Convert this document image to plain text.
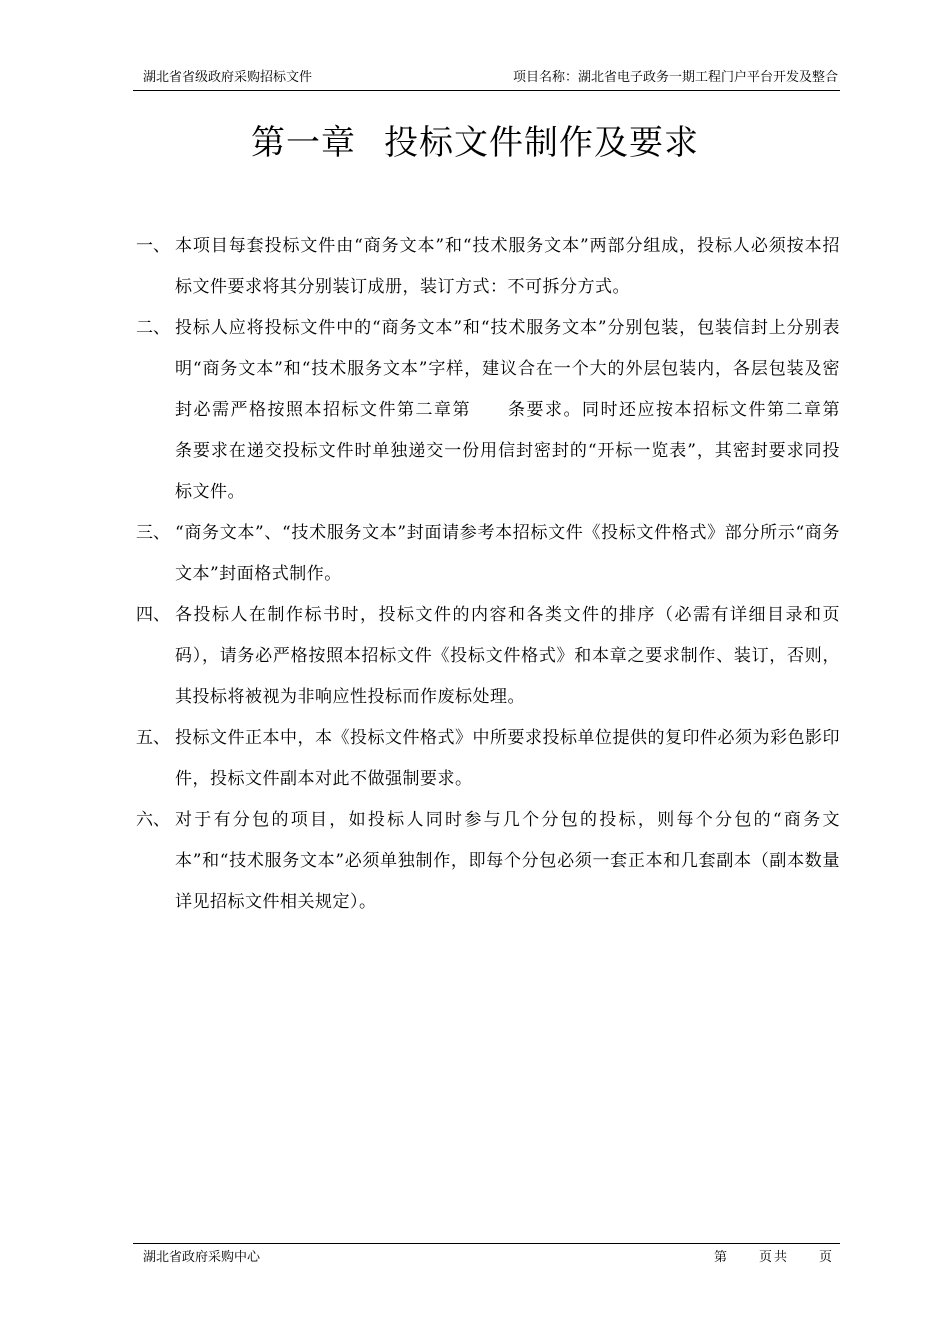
湖北省省级政府采购招标文件	项目名称：湖北省电子政务一期工程门户平台开发及整合
第一章 投标文件制作及要求
一、 本项目每套投标文件由“商务文本”和“技术服务文本”两部分组成，投标人必须按本招标文件要求将其分别装订成册，装订方式：不可拆分方式。
二、 投标人应将投标文件中的“商务文本”和“技术服务文本”分别包装，包装信封上分别表明“商务文本”和“技术服务文本”字样，建议合在一个大的外层包装内，各层包装及密封必需严格按照本招标文件第二章第　　条要求。同时还应按本招标文件第二章第　　　条要求在递交投标文件时单独递交一份用信封密封的“开标一览表”，其密封要求同投标文件。
三、 “商务文本”、“技术服务文本”封面请参考本招标文件《投标文件格式》部分所示“商务文本”封面格式制作。
四、 各投标人在制作标书时，投标文件的内容和各类文件的排序（必需有详细目录和页码），请务必严格按照本招标文件《投标文件格式》和本章之要求制作、装订，否则，其投标将被视为非响应性投标而作废标处理。
五、 投标文件正本中，本《投标文件格式》中所要求投标单位提供的复印件必须为彩色影印件，投标文件副本对此不做强制要求。
六、 对于有分包的项目，如投标人同时参与几个分包的投标，则每个分包的“商务文本”和“技术服务文本”必须单独制作，即每个分包必须一套正本和几套副本（副本数量详见招标文件相关规定）。
湖北省政府采购中心	第　　页共　　页
